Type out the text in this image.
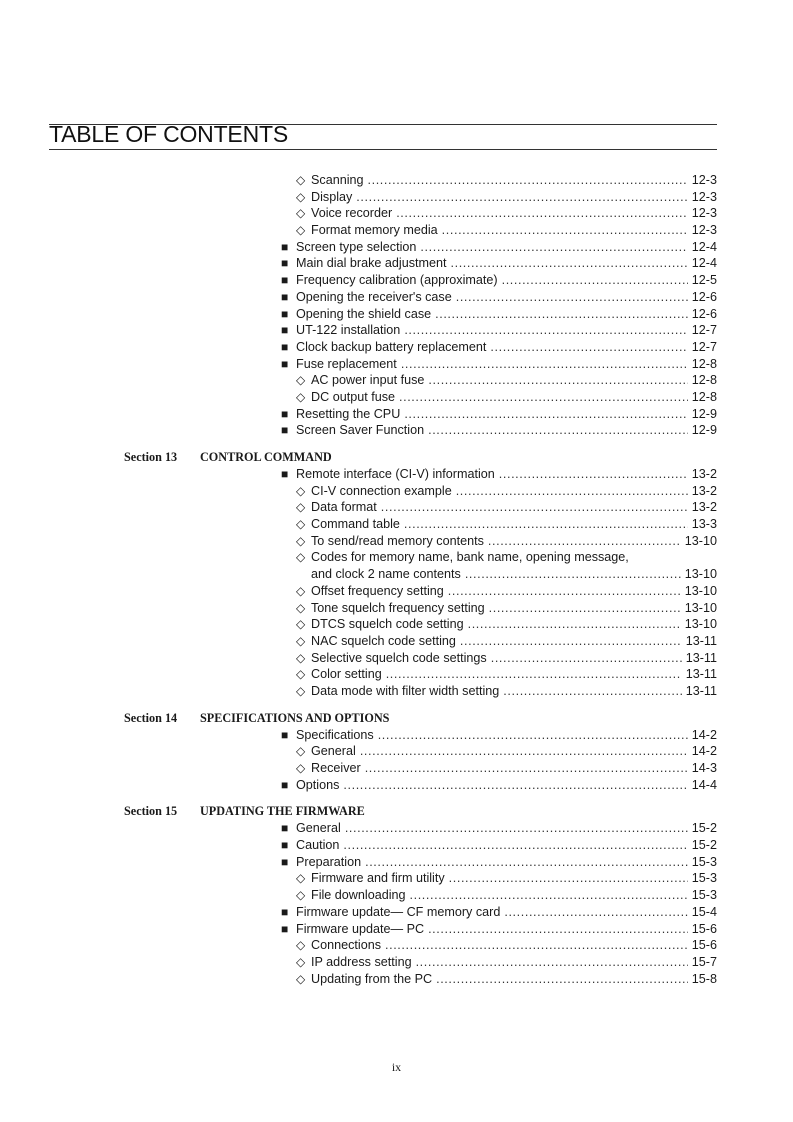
TABLE OF CONTENTS
◇ Scanning .....	12-3
◇ Display .....	12-3
◇ Voice recorder .....	12-3
◇ Format memory media .....	12-3
■ Screen type selection .....	12-4
■ Main dial brake adjustment .....	12-4
■ Frequency calibration (approximate) .....	12-5
■ Opening the receiver's case .....	12-6
■ Opening the shield case .....	12-6
■ UT-122 installation .....	12-7
■ Clock backup battery replacement .....	12-7
■ Fuse replacement .....	12-8
◇ AC power input fuse .....	12-8
◇ DC output fuse .....	12-8
■ Resetting the CPU .....	12-9
■ Screen Saver Function .....	12-9
Section 13 CONTROL COMMAND
■ Remote interface (CI-V) information .....	13-2
◇ CI-V connection example .....	13-2
◇ Data format .....	13-2
◇ Command table .....	13-3
◇ To send/read memory contents .....	13-10
◇ Codes for memory name, bank name, opening message,
and clock 2 name contents .....	13-10
◇ Offset frequency setting .....	13-10
◇ Tone squelch frequency setting .....	13-10
◇ DTCS squelch code setting .....	13-10
◇ NAC squelch code setting .....	13-11
◇ Selective squelch code settings .....	13-11
◇ Color setting .....	13-11
◇ Data mode with filter width setting .....	13-11
Section 14 SPECIFICATIONS AND OPTIONS
■ Specifications .....	14-2
◇ General .....	14-2
◇ Receiver .....	14-3
■ Options .....	14-4
Section 15 UPDATING THE FIRMWARE
■ General .....	15-2
■ Caution .....	15-2
■ Preparation .....	15-3
◇ Firmware and firm utility .....	15-3
◇ File downloading .....	15-3
■ Firmware update— CF memory card .....	15-4
■ Firmware update— PC .....	15-6
◇ Connections .....	15-6
◇ IP address setting .....	15-7
◇ Updating from the PC .....	15-8
ix
